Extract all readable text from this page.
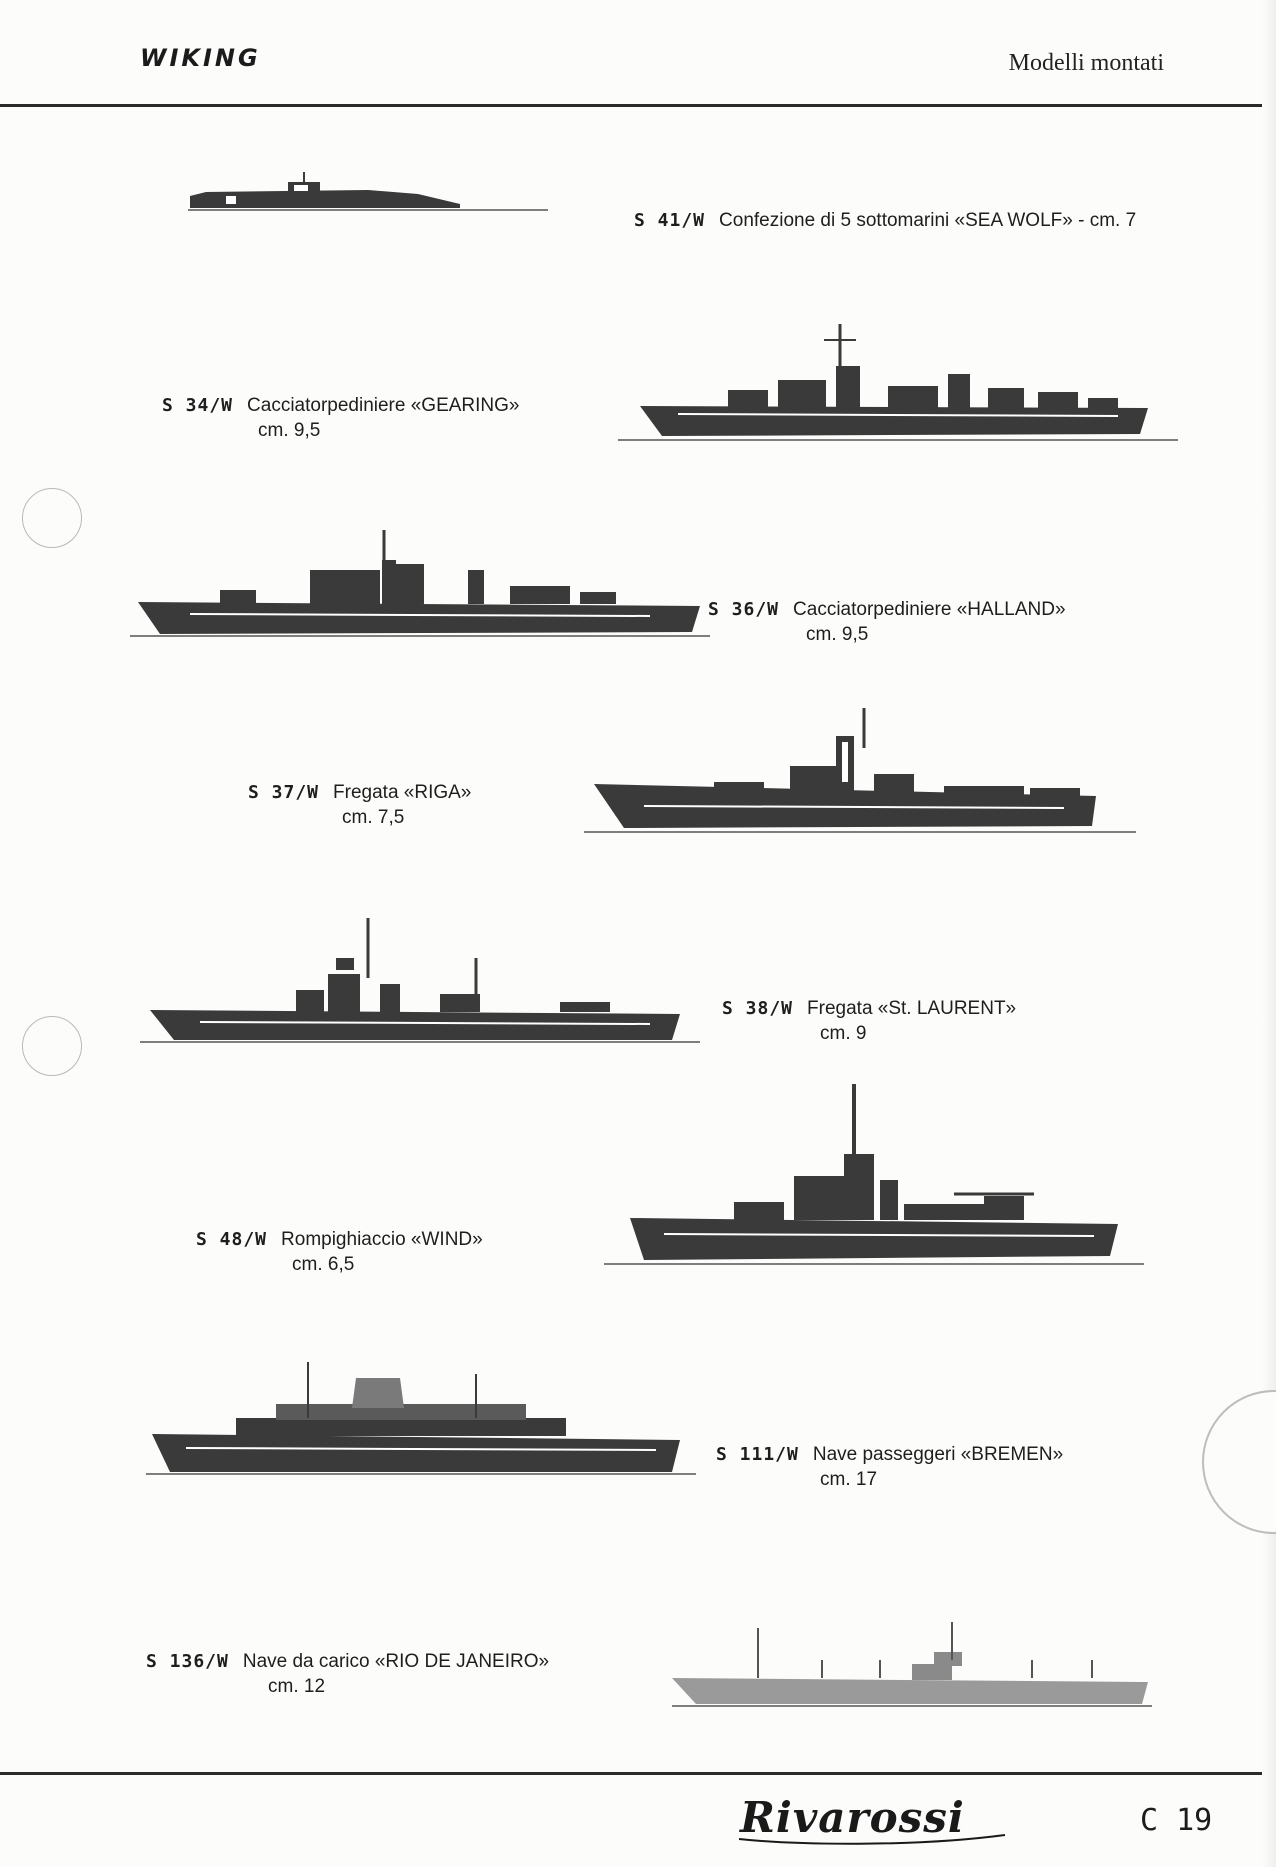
WIKING	Modelli montati
S 41/W Confezione di 5 sottomarini «SEA WOLF» - cm. 7
S 34/W Cacciatorpediniere «GEARING»
cm. 9,5
S 36/W Cacciatorpediniere «HALLAND»
cm. 9,5
S 37/W Fregata «RIGA»
cm. 7,5
S 38/W Fregata «St. LAURENT»
cm. 9
S 48/W Rompighiaccio «WIND»
cm. 6,5
S 111/W Nave passeggeri «BREMEN»
cm. 17
S 136/W Nave da carico «RIO DE JANEIRO»
cm. 12
Rivarossi	C 19
